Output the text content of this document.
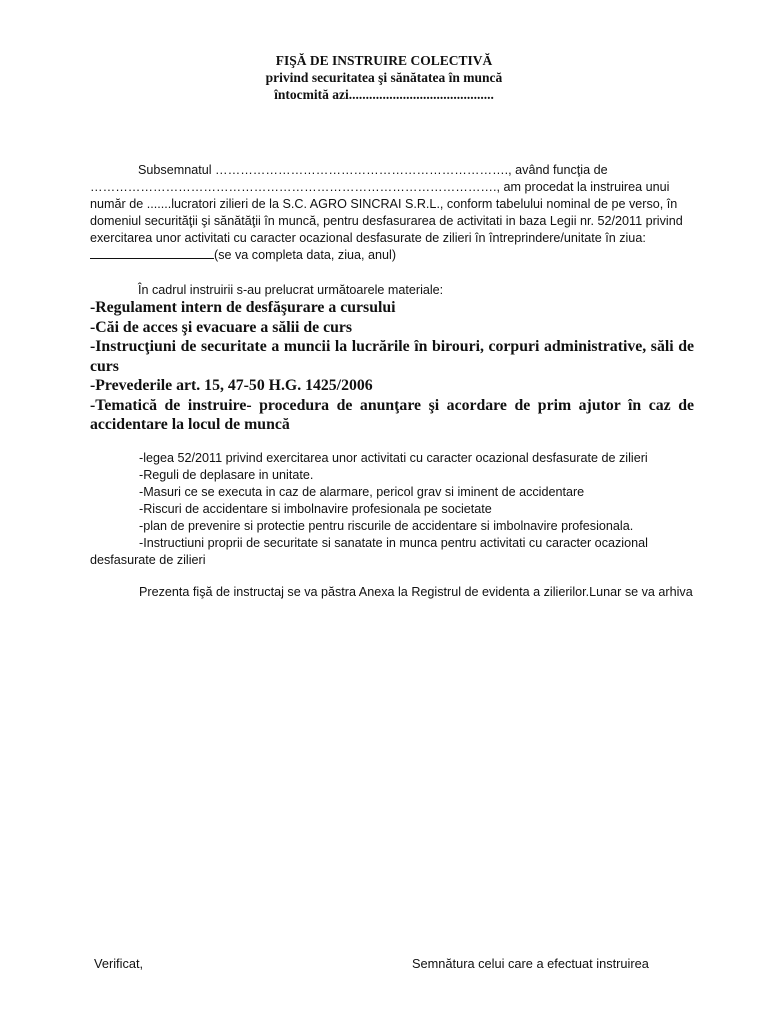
FIŞĂ DE INSTRUIRE COLECTIVĂ
privind securitatea şi sănătatea în muncă
întocmită azi...........................................
Subsemnatul ……………………………………………………………., având funcţia de ……………………………………………………………………………………., am procedat la instruirea unui număr de .......lucratori zilieri de la S.C. AGRO SINCRAI S.R.L., conform tabelului nominal de pe verso, în domeniul securităţii şi sănătăţii în muncă, pentru desfasurarea de activitati in baza Legii nr. 52/2011 privind exercitarea unor activitati cu caracter ocazional desfasurate de zilieri în întreprindere/unitate în ziua:(se va completa data, ziua, anul)
În cadrul instruirii s-au prelucrat următoarele materiale:
-Regulament intern de desfăşurare a cursului
-Căi de acces şi evacuare a sălii de curs
-Instrucţiuni de securitate a muncii la lucrările în birouri, corpuri administrative, săli de curs
-Prevederile art. 15, 47-50 H.G. 1425/2006
-Tematică de instruire- procedura de anunţare şi acordare de prim ajutor în caz de accidentare la locul de muncă
-legea 52/2011 privind exercitarea unor activitati cu caracter ocazional desfasurate de zilieri
-Reguli de deplasare in unitate.
-Masuri ce se executa in caz de alarmare, pericol grav si iminent de accidentare
-Riscuri de accidentare si imbolnavire profesionala pe societate
-plan de prevenire si protectie pentru riscurile de accidentare si imbolnavire profesionala.
-Instructiuni proprii de securitate si sanatate in munca pentru activitati cu caracter ocazional desfasurate de zilieri
Prezenta fişă de instructaj se va păstra Anexa la Registrul de evidenta a zilierilor.Lunar se va arhiva
Verificat,	Semnătura celui care a efectuat instruirea
